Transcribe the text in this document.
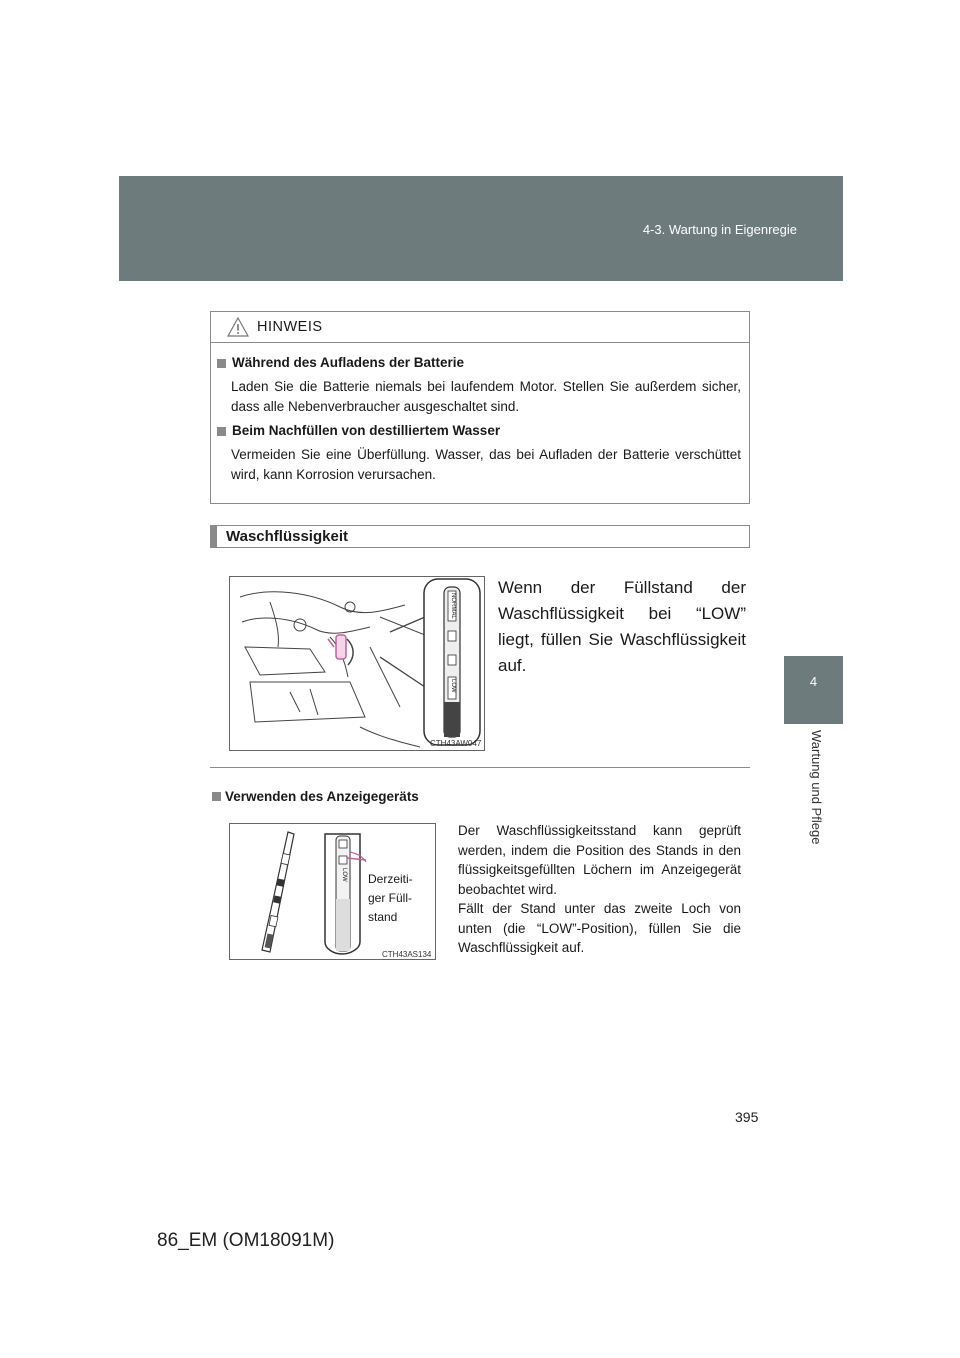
4-3. Wartung in Eigenregie
4
Wartung und Pflege
HINWEIS
Während des Aufladens der Batterie
Laden Sie die Batterie niemals bei laufendem Motor. Stellen Sie außerdem sicher, dass alle Nebenverbraucher ausgeschaltet sind.
Beim Nachfüllen von destilliertem Wasser
Vermeiden Sie eine Überfüllung. Wasser, das bei Aufladen der Batterie verschüttet wird, kann Korrosion verursachen.
Waschflüssigkeit
NORMAL
LOW
CTH43AW047
Wenn der Füllstand der Waschflüssigkeit bei “LOW” liegt, füllen Sie Waschflüssigkeit auf.
Verwenden des Anzeigegeräts
LOW
CTH43AS134
Derzeiti-ger Füll-stand
Der Waschflüssigkeitsstand kann geprüft werden, indem die Position des Stands in den flüssigkeitsgefüllten Löchern im Anzeigegerät beobachtet wird.
Fällt der Stand unter das zweite Loch von unten (die “LOW”-Position), füllen Sie die Waschflüssigkeit auf.
395
86_EM (OM18091M)
